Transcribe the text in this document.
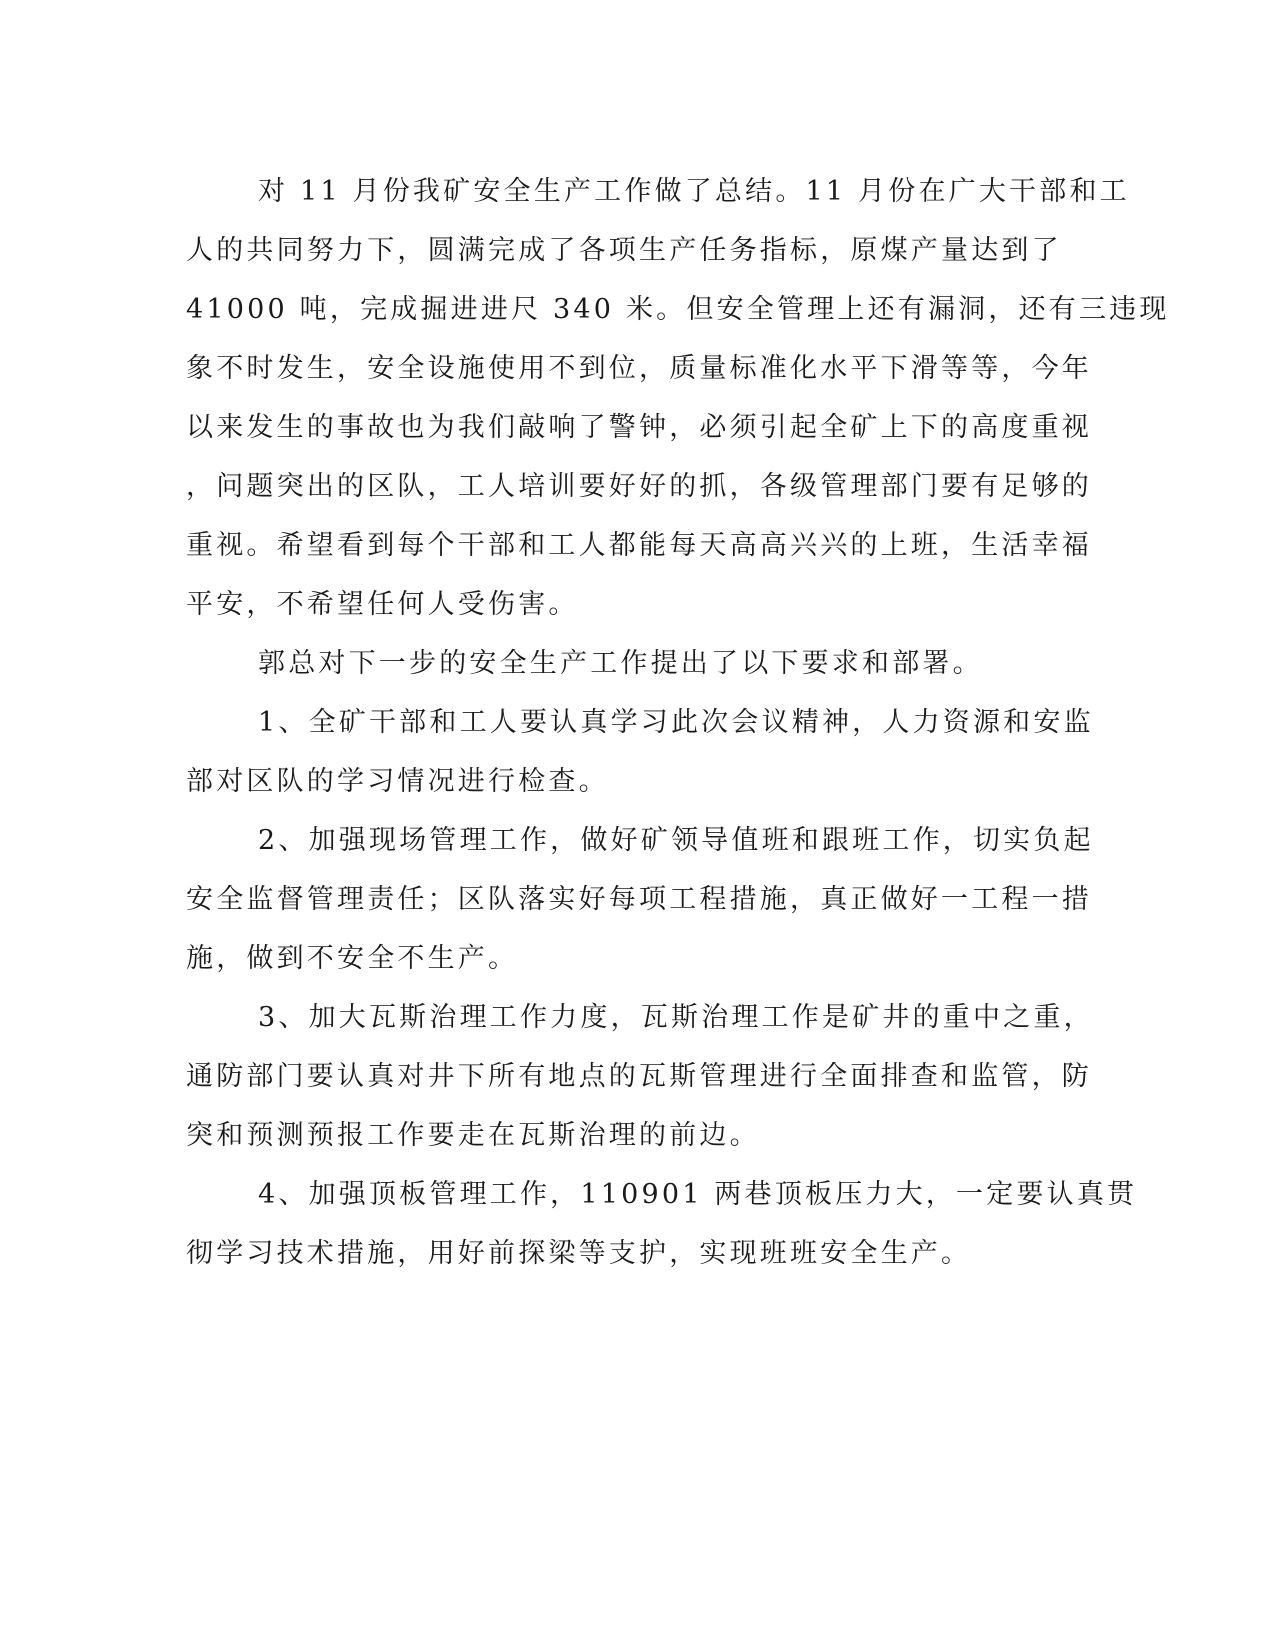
对 11 月份我矿安全生产工作做了总结。11 月份在广大干部和工
人的共同努力下，圆满完成了各项生产任务指标，原煤产量达到了
41000 吨，完成掘进进尺 340 米。但安全管理上还有漏洞，还有三违现
象不时发生，安全设施使用不到位，质量标准化水平下滑等等，今年
以来发生的事故也为我们敲响了警钟，必须引起全矿上下的高度重视
，问题突出的区队，工人培训要好好的抓，各级管理部门要有足够的
重视。希望看到每个干部和工人都能每天高高兴兴的上班，生活幸福
平安，不希望任何人受伤害。
郭总对下一步的安全生产工作提出了以下要求和部署。
1、全矿干部和工人要认真学习此次会议精神，人力资源和安监
部对区队的学习情况进行检查。
2、加强现场管理工作，做好矿领导值班和跟班工作，切实负起
安全监督管理责任；区队落实好每项工程措施，真正做好一工程一措
施，做到不安全不生产。
3、加大瓦斯治理工作力度，瓦斯治理工作是矿井的重中之重，
通防部门要认真对井下所有地点的瓦斯管理进行全面排查和监管，防
突和预测预报工作要走在瓦斯治理的前边。
4、加强顶板管理工作，110901 两巷顶板压力大，一定要认真贯
彻学习技术措施，用好前探梁等支护，实现班班安全生产。
